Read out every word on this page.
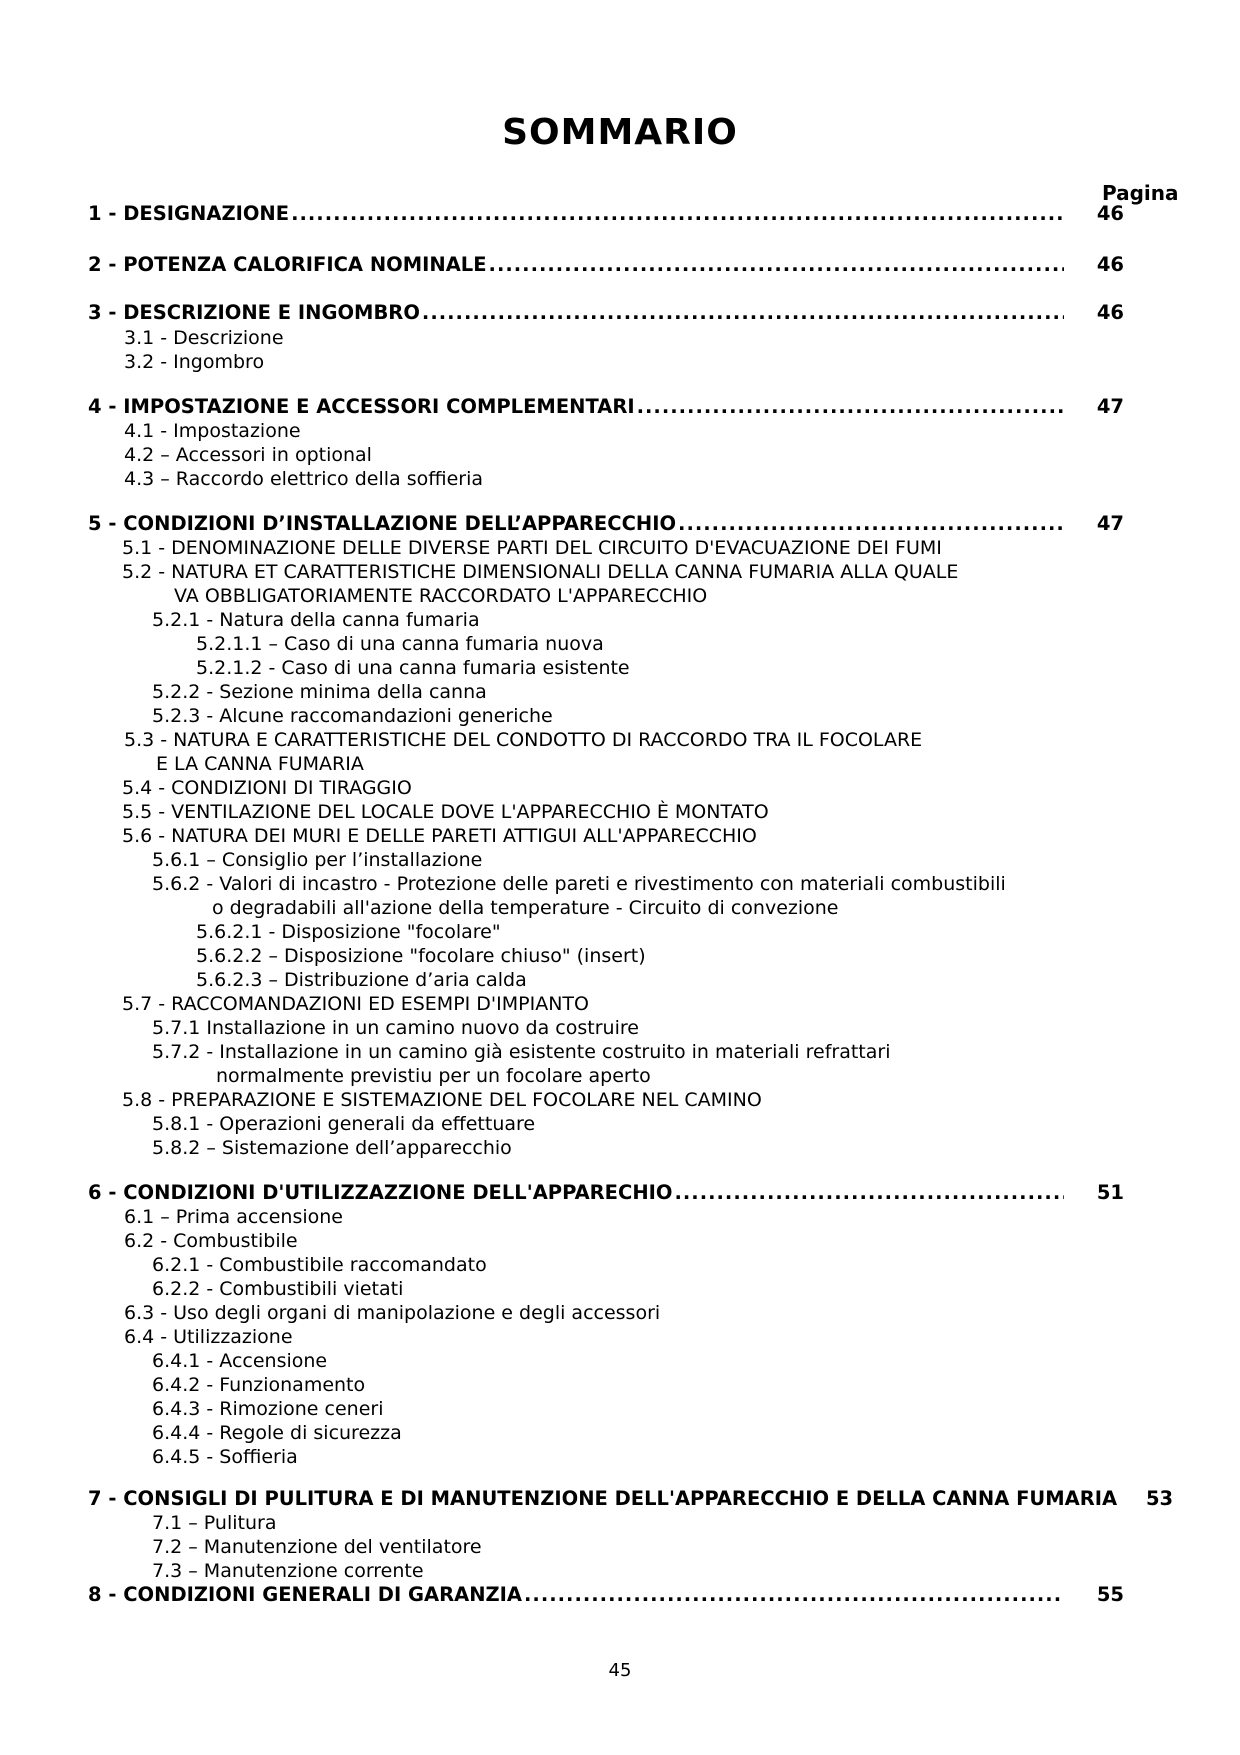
SOMMARIO
Pagina
1 - DESIGNAZIONE .....	46
2 - POTENZA CALORIFICA NOMINALE .....	46
3 - DESCRIZIONE E INGOMBRO .....	46
3.1 - Descrizione
3.2 - Ingombro
4 - IMPOSTAZIONE E ACCESSORI COMPLEMENTARI .....	47
4.1 - Impostazione
4.2 – Accessori in optional
4.3 – Raccordo elettrico della soffieria
5 - CONDIZIONI D’INSTALLAZIONE DELL’APPARECCHIO .....	47
5.1 - DENOMINAZIONE DELLE DIVERSE PARTI DEL CIRCUITO D'EVACUAZIONE DEI FUMI
5.2 - NATURA ET CARATTERISTICHE DIMENSIONALI DELLA CANNA FUMARIA ALLA QUALE
VA OBBLIGATORIAMENTE RACCORDATO L'APPARECCHIO
5.2.1 - Natura della canna fumaria
5.2.1.1 – Caso di una canna fumaria nuova
5.2.1.2 - Caso di una canna fumaria esistente
5.2.2 - Sezione minima della canna
5.2.3 - Alcune raccomandazioni generiche
5.3 - NATURA E CARATTERISTICHE DEL CONDOTTO DI RACCORDO TRA IL FOCOLARE
E LA CANNA FUMARIA
5.4 - CONDIZIONI DI TIRAGGIO
5.5 - VENTILAZIONE DEL LOCALE DOVE L'APPARECCHIO È MONTATO
5.6 - NATURA DEI MURI E DELLE PARETI ATTIGUI ALL'APPARECCHIO
5.6.1 – Consiglio per l’installazione
5.6.2 - Valori di incastro - Protezione delle pareti e rivestimento con materiali combustibili
o degradabili all'azione della temperature - Circuito di convezione
5.6.2.1 - Disposizione "focolare"
5.6.2.2 – Disposizione "focolare chiuso" (insert)
5.6.2.3 – Distribuzione d’aria calda
5.7 - RACCOMANDAZIONI ED ESEMPI D'IMPIANTO
5.7.1 Installazione in un camino nuovo da costruire
5.7.2 - Installazione in un camino già esistente costruito in materiali refrattari
normalmente previstiu per un focolare aperto
5.8 - PREPARAZIONE E SISTEMAZIONE DEL FOCOLARE NEL CAMINO
5.8.1 - Operazioni generali da effettuare
5.8.2 – Sistemazione dell’apparecchio
6 - CONDIZIONI D'UTILIZZAZZIONE DELL'APPARECHIO .....	51
6.1 – Prima accensione
6.2 - Combustibile
6.2.1 - Combustibile raccomandato
6.2.2 - Combustibili vietati
6.3 - Uso degli organi di manipolazione e degli accessori
6.4 - Utilizzazione
6.4.1 - Accensione
6.4.2 - Funzionamento
6.4.3 - Rimozione ceneri
6.4.4 - Regole di sicurezza
6.4.5 - Soffieria
7 - CONSIGLI DI PULITURA E DI MANUTENZIONE DELL'APPARECCHIO E DELLA CANNA FUMARIA	53
7.1 – Pulitura
7.2 – Manutenzione del ventilatore
7.3 – Manutenzione corrente
8 - CONDIZIONI GENERALI DI GARANZIA .....	55
45
